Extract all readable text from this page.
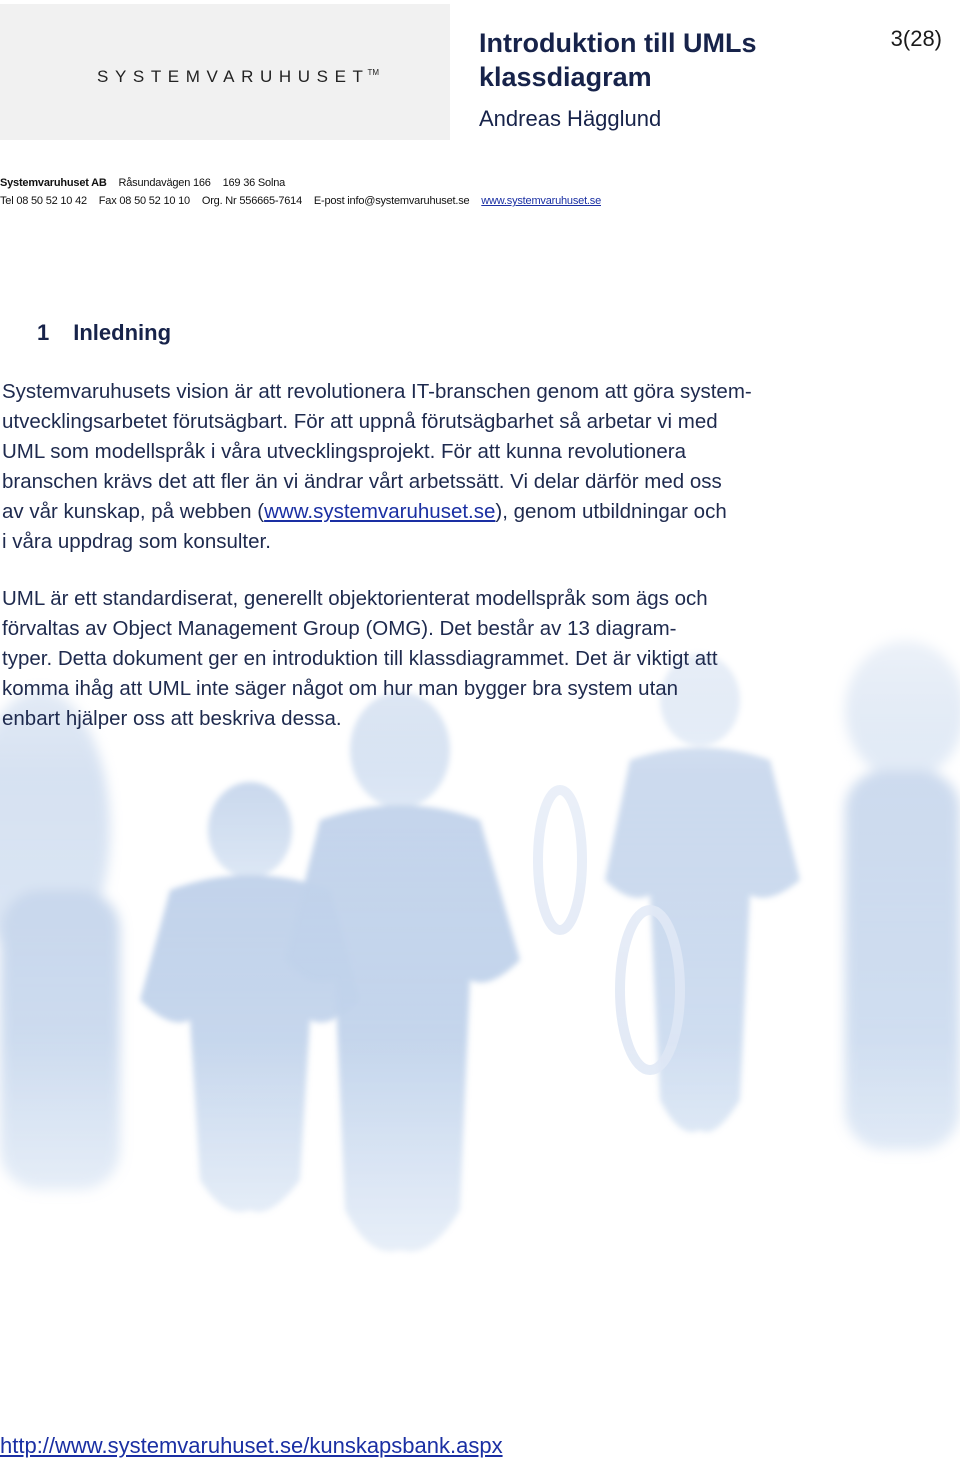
SYSTEMVARUHUSET™
Introduktion till UMLs klassdiagram
Andreas Hägglund
3(28)
Systemvaruhuset AB Råsundavägen 166 169 36 Solna
Tel 08 50 52 10 42 Fax 08 50 52 10 10 Org. Nr 556665-7614 E-post info@systemvaruhuset.se www.systemvaruhuset.se
1 Inledning

Systemvaruhusets vision är att revolutionera IT-branschen genom att göra system-
utvecklingsarbetet förutsägbart. För att uppnå förutsägbarhet så arbetar vi med
UML som modellspråk i våra utvecklingsprojekt. För att kunna revolutionera
branschen krävs det att fler än vi ändrar vårt arbetssätt. Vi delar därför med oss
av vår kunskap, på webben (www.systemvaruhuset.se), genom utbildningar och
i våra uppdrag som konsulter.

UML är ett standardiserat, generellt objektorienterat modellspråk som ägs och
förvaltas av Object Management Group (OMG). Det består av 13 diagram-
typer. Detta dokument ger en introduktion till klassdiagrammet. Det är viktigt att
komma ihåg att UML inte säger något om hur man bygger bra system utan
enbart hjälper oss att beskriva dessa.

http://www.systemvaruhuset.se/kunskapsbank.aspx
